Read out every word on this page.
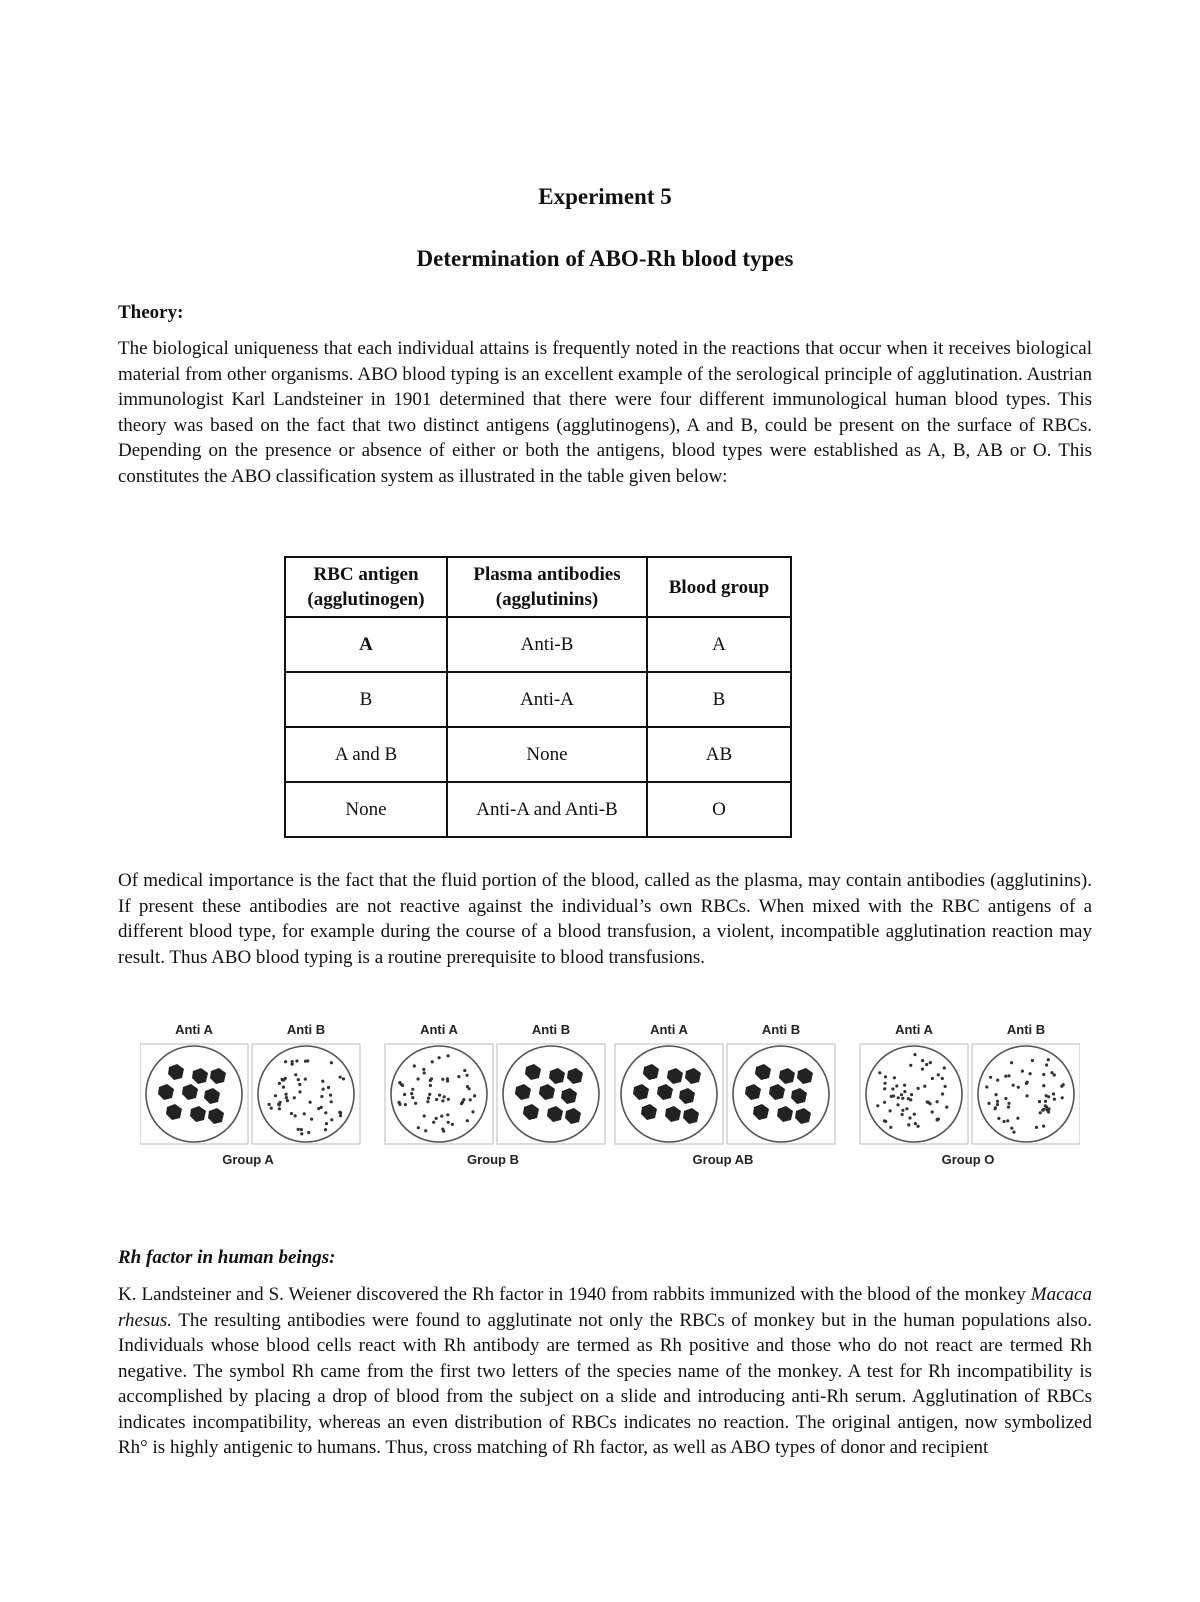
Experiment 5
Determination of ABO-Rh blood types
Theory:

The biological uniqueness that each individual attains is frequently noted in the reactions that occur when it receives biological material from other organisms. ABO blood typing is an excellent example of the serological principle of agglutination. Austrian immunologist Karl Landsteiner in 1901 determined that there were four different immunological human blood types. This theory was based on the fact that two distinct antigens (agglutinogens), A and B, could be present on the surface of RBCs. Depending on the presence or absence of either or both the antigens, blood types were established as A, B, AB or O. This constitutes the ABO classification system as illustrated in the table given below:

RBC antigen (agglutinogen)	Plasma antibodies (agglutinins)	Blood group
A	Anti-B	A
B	Anti-A	B
A and B	None	AB
None	Anti-A and Anti-B	O

Of medical importance is the fact that the fluid portion of the blood, called as the plasma, may contain antibodies (agglutinins). If present these antibodies are not reactive against the individual’s own RBCs. When mixed with the RBC antigens of a different blood type, for example during the course of a blood transfusion, a violent, incompatible agglutination reaction may result. Thus ABO blood typing is a routine prerequisite to blood transfusions.

Anti A	Anti B
Group A
Anti A	Anti B
Group B
Anti A	Anti B
Group AB
Anti A	Anti B
Group O
Rh factor in human beings:

K. Landsteiner and S. Weiener discovered the Rh factor in 1940 from rabbits immunized with the blood of the monkey Macaca rhesus. The resulting antibodies were found to agglutinate not only the RBCs of monkey but in the human populations also. Individuals whose blood cells react with Rh antibody are termed as Rh positive and those who do not react are termed Rh negative. The symbol Rh came from the first two letters of the species name of the monkey. A test for Rh incompatibility is accomplished by placing a drop of blood from the subject on a slide and introducing anti-Rh serum. Agglutination of RBCs indicates incompatibility, whereas an even distribution of RBCs indicates no reaction. The original antigen, now symbolized Rh° is highly antigenic to humans. Thus, cross matching of Rh factor, as well as ABO types of donor and recipient
